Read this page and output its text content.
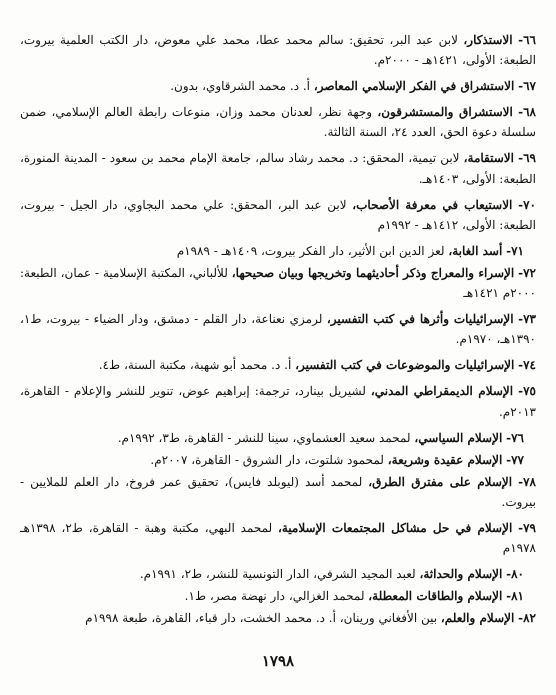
٦٦- الاستذكار، لابن عبد البر، تحقيق: سالم محمد عطا، محمد علي معوض، دار الكتب العلمية بيروت، الطبعة: الأولى، ١٤٢١هـ - ٢٠٠٠م.

٦٧- الاستشراق في الفكر الإسلامي المعاصر، أ. د. محمد الشرقاوي، بدون.

٦٨- الاستشراق والمستشرقون، وجهة نظر، لعدنان محمد وزان، منوعات رابطة العالم الإسلامي، ضمن سلسلة دعوة الحق، العدد ٢٤، السنة الثالثة.

٦٩- الاستقامة، لابن تيمية، المحقق: د. محمد رشاد سالم، جامعة الإمام محمد بن سعود - المدينة المنورة، الطبعة: الأولى، ١٤٠٣هـ.

٧٠- الاستيعاب في معرفة الأصحاب، لابن عبد البر، المحقق: علي محمد البجاوي، دار الجيل - بيروت، الطبعة: الأولى، ١٤١٢هـ - ١٩٩٢م

٧١- أسد الغابة، لعز الدين ابن الأثير، دار الفكر بيروت، ١٤٠٩هـ - ١٩٨٩م

٧٢- الإسراء والمعراج وذكر أحاديثهما وتخريجها وبيان صحيحها، للألباني، المكتبة الإسلامية - عمان، الطبعة: ٢٠٠٠م ١٤٢١هـ

٧٣- الإسرائيليات وأثرها في كتب التفسير، لرمزي نعناعة، دار القلم - دمشق، ودار الضياء - بيروت، ط١، ١٣٩٠هـ، ١٩٧٠م.

٧٤- الإسرائيليات والموضوعات في كتب التفسير، أ. د. محمد أبو شهبة، مكتبة السنة، ط٤.

٧٥- الإسلام الديمقراطي المدني، لشيريل بينارد، ترجمة: إبراهيم عوض، تنوير للنشر والإعلام - القاهرة، ٢٠١٣م.

٧٦- الإسلام السياسي، لمحمد سعيد العشماوي، سينا للنشر - القاهرة، ط٣، ١٩٩٢م.

٧٧- الإسلام عقيدة وشريعة، لمحمود شلتوت، دار الشروق - القاهرة، ٢٠٠٧م.

٧٨- الإسلام على مفترق الطرق، لمحمد أسد (ليوبلد فايس)، تحقيق عمر فروخ، دار العلم للملايين - بيروت.

٧٩- الإسلام في حل مشاكل المجتمعات الإسلامية، لمحمد البهي، مكتبة وهبة - القاهرة، ط٢، ١٣٩٨هـ ١٩٧٨م

٨٠- الإسلام والحداثة، لعبد المجيد الشرفي، الدار التونسية للنشر، ط٢، ١٩٩١م.

٨١- الإسلام والطاقات المعطلة، لمحمد الغزالي، دار نهضة مصر، ط١.

٨٢- الإسلام والعلم، بين الأفغاني ورينان، أ. د. محمد الخشت، دار قباء، القاهرة، طبعة ١٩٩٨م

١٧٩٨
